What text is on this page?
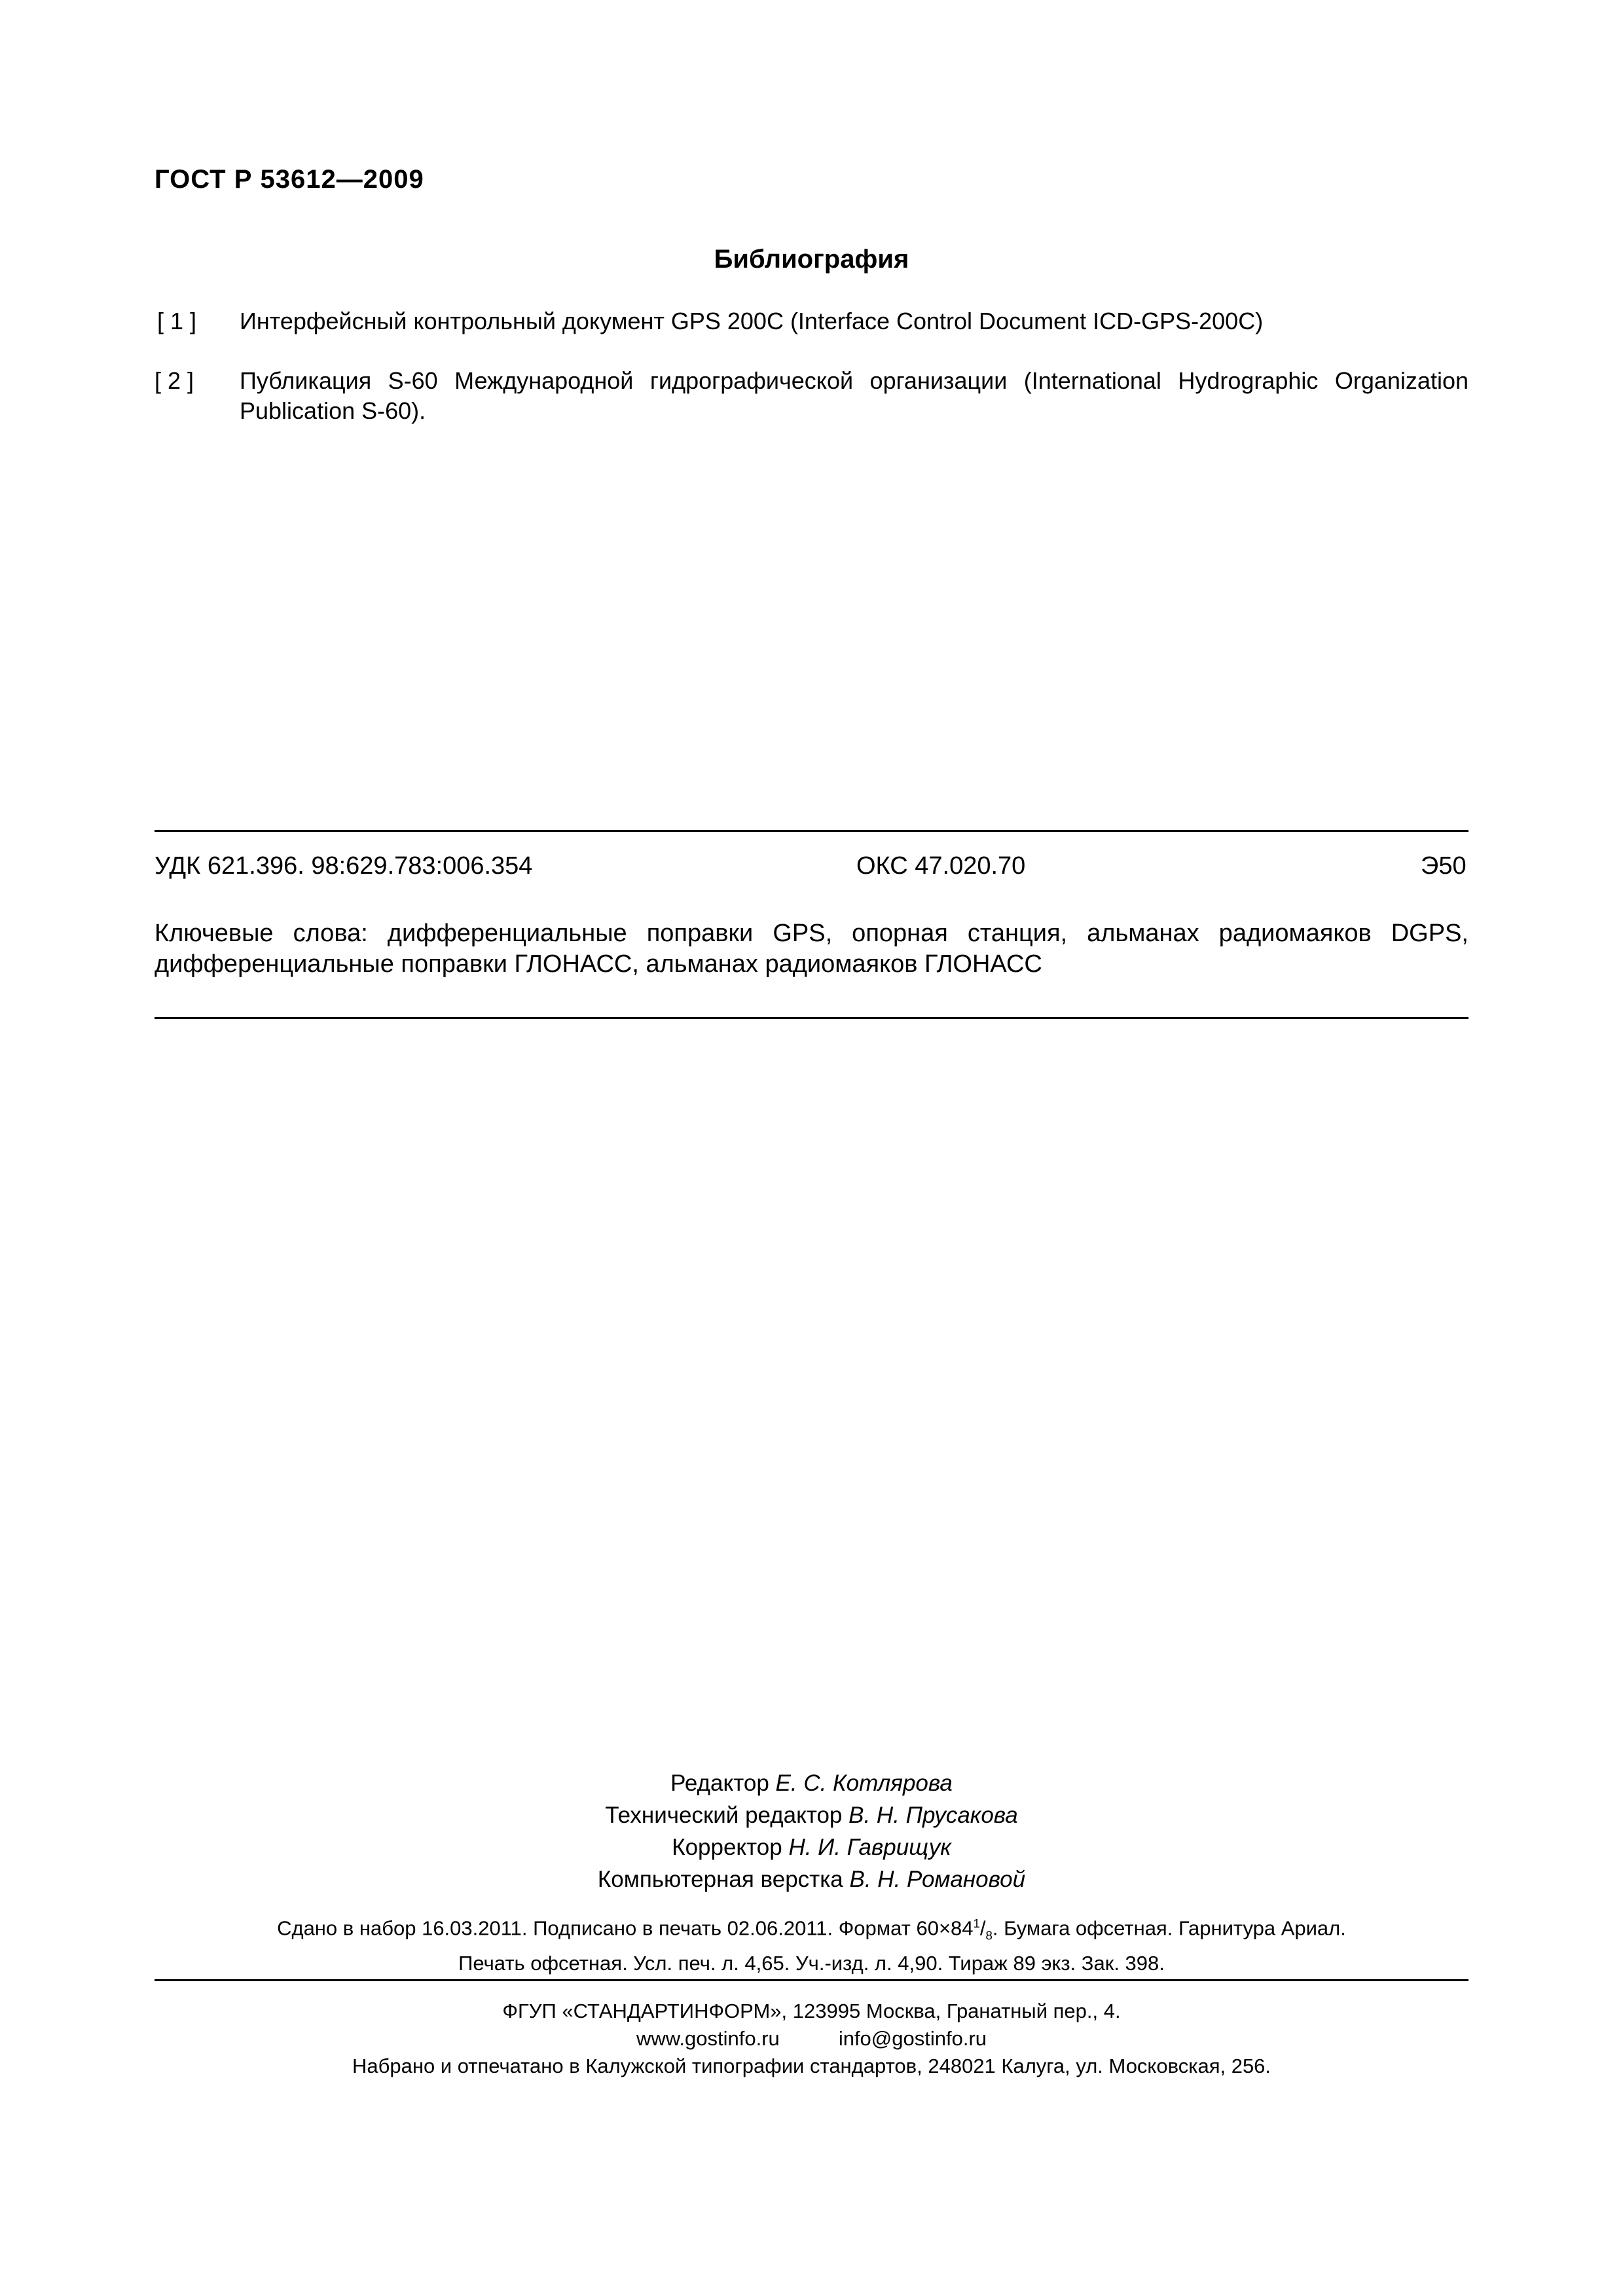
ГОСТ Р 53612—2009
Библиография
[ 1 ] Интерфейсный контрольный документ GPS 200C (Interface Control Document ICD-GPS-200C)
[ 2 ] Публикация S-60 Международной гидрографической организации (International Hydrographic Organization Publication S-60).
УДК 621.396. 98:629.783:006.354	ОКС 47.020.70	Э50
Ключевые слова: дифференциальные поправки GPS, опорная станция, альманах радиомаяков DGPS, дифференциальные поправки ГЛОНАСС, альманах радиомаяков ГЛОНАСС
Редактор Е. С. Котлярова
Технический редактор В. Н. Прусакова
Корректор Н. И. Гаврищук
Компьютерная верстка В. Н. Романовой
Сдано в набор 16.03.2011. Подписано в печать 02.06.2011. Формат $60\times 84^1/_8$. Бумага офсетная. Гарнитура Ариал.
Печать офсетная. Усл. печ. л. 4,65. Уч.-изд. л. 4,90. Тираж 89 экз. Зак. 398.
ФГУП «СТАНДАРТИНФОРМ», 123995 Москва, Гранатный пер., 4.
www.gostinfo.ru	info@gostinfo.ru
Набрано и отпечатано в Калужской типографии стандартов, 248021 Калуга, ул. Московская, 256.
